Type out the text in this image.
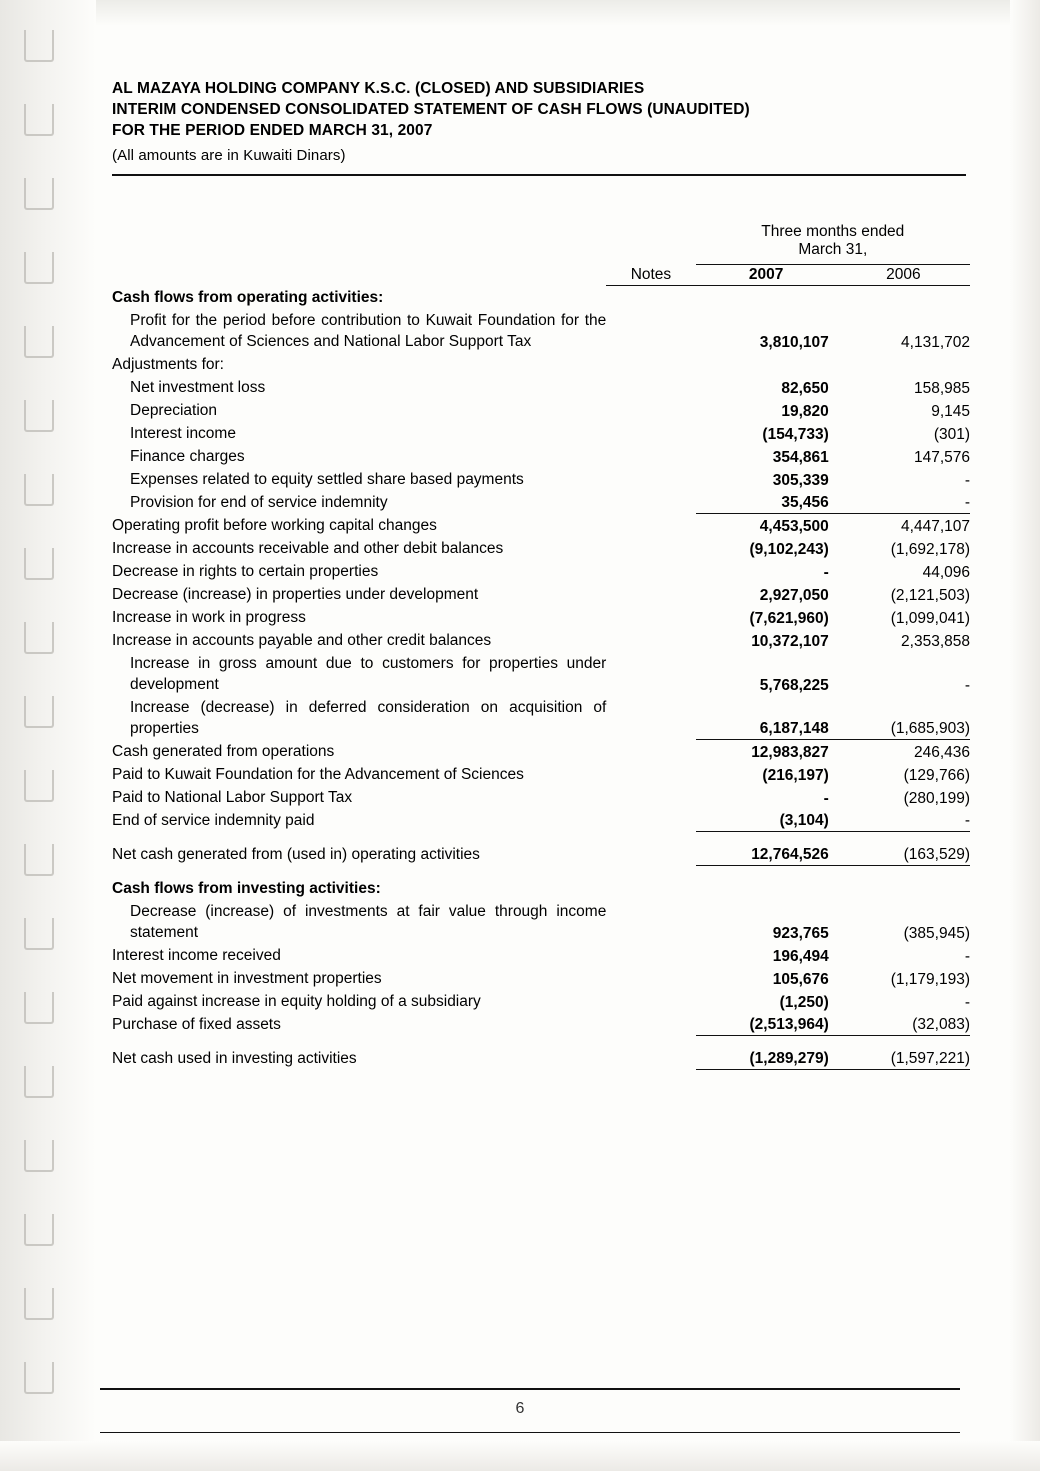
AL MAZAYA HOLDING COMPANY K.S.C. (CLOSED) AND SUBSIDIARIES
INTERIM CONDENSED CONSOLIDATED STATEMENT OF CASH FLOWS (UNAUDITED)
FOR THE PERIOD ENDED MARCH 31, 2007
(All amounts are in Kuwaiti Dinars)

		Three months ended
March 31,	

	Notes	2007	2006
Cash flows from operating activities:			
Profit for the period before contribution to Kuwait Foundation for the Advancement of Sciences and National Labor Support Tax		3,810,107	4,131,702
Adjustments for:			
Net investment loss		82,650	158,985
Depreciation		19,820	9,145
Interest income		(154,733)	(301)
Finance charges		354,861	147,576
Expenses related to equity settled share based payments		305,339	-
Provision for end of service indemnity		35,456	-
Operating profit before working capital changes		4,453,500	4,447,107
Increase in accounts receivable and other debit balances		(9,102,243)	(1,692,178)
Decrease in rights to certain properties		-	44,096
Decrease (increase) in properties under development		2,927,050	(2,121,503)
Increase in work in progress		(7,621,960)	(1,099,041)
Increase in accounts payable and other credit balances		10,372,107	2,353,858
Increase in gross amount due to customers for properties under development		5,768,225	-
Increase (decrease) in deferred consideration on acquisition of properties		6,187,148	(1,685,903)
Cash generated from operations		12,983,827	246,436
Paid to Kuwait Foundation for the Advancement of Sciences		(216,197)	(129,766)
Paid to National Labor Support Tax		-	(280,199)
End of service indemnity paid		(3,104)	-
Net cash generated from (used in) operating activities		12,764,526	(163,529)
Cash flows from investing activities:			
Decrease (increase) of investments at fair value through income statement		923,765	(385,945)
Interest income received		196,494	-
Net movement in investment properties		105,676	(1,179,193)
Paid against increase in equity holding of a subsidiary		(1,250)	-
Purchase of fixed assets		(2,513,964)	(32,083)
Net cash used in investing activities		(1,289,279)	(1,597,221)
6
